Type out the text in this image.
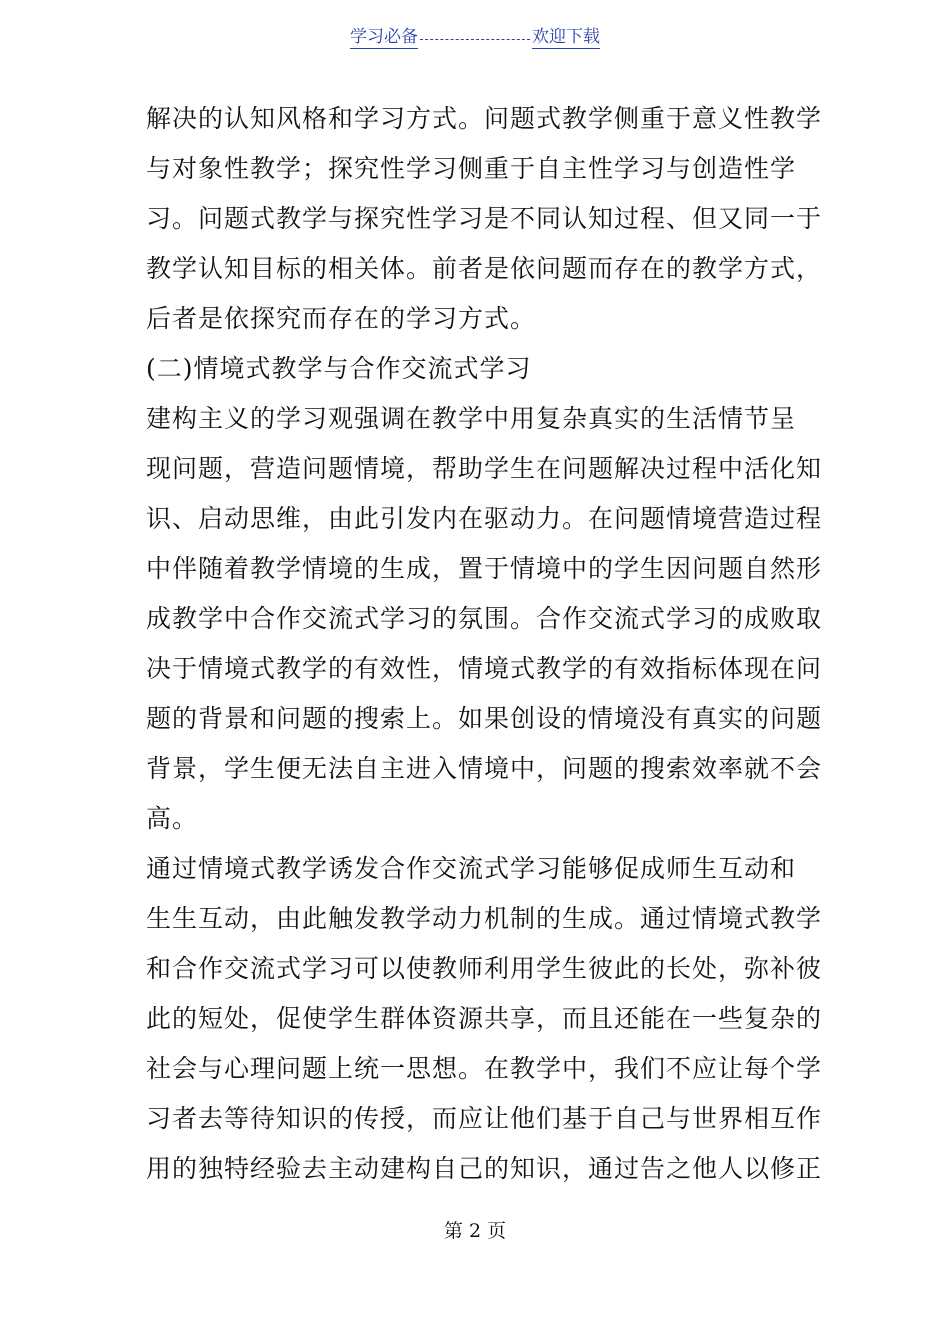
学习必备	欢迎下载
解决的认知风格和学习方式。问题式教学侧重于意义性教学
与对象性教学；探究性学习侧重于自主性学习与创造性学
习。问题式教学与探究性学习是不同认知过程、但又同一于
教学认知目标的相关体。前者是依问题而存在的教学方式，
后者是依探究而存在的学习方式。
(二)情境式教学与合作交流式学习
建构主义的学习观强调在教学中用复杂真实的生活情节呈
现问题，营造问题情境，帮助学生在问题解决过程中活化知
识、启动思维，由此引发内在驱动力。在问题情境营造过程
中伴随着教学情境的生成，置于情境中的学生因问题自然形
成教学中合作交流式学习的氛围。合作交流式学习的成败取
决于情境式教学的有效性，情境式教学的有效指标体现在问
题的背景和问题的搜索上。如果创设的情境没有真实的问题
背景，学生便无法自主进入情境中，问题的搜索效率就不会
高。
通过情境式教学诱发合作交流式学习能够促成师生互动和
生生互动，由此触发教学动力机制的生成。通过情境式教学
和合作交流式学习可以使教师利用学生彼此的长处，弥补彼
此的短处，促使学生群体资源共享，而且还能在一些复杂的
社会与心理问题上统一思想。在教学中，我们不应让每个学
习者去等待知识的传授，而应让他们基于自己与世界相互作
用的独特经验去主动建构自己的知识，通过告之他人以修正
第 2 页
